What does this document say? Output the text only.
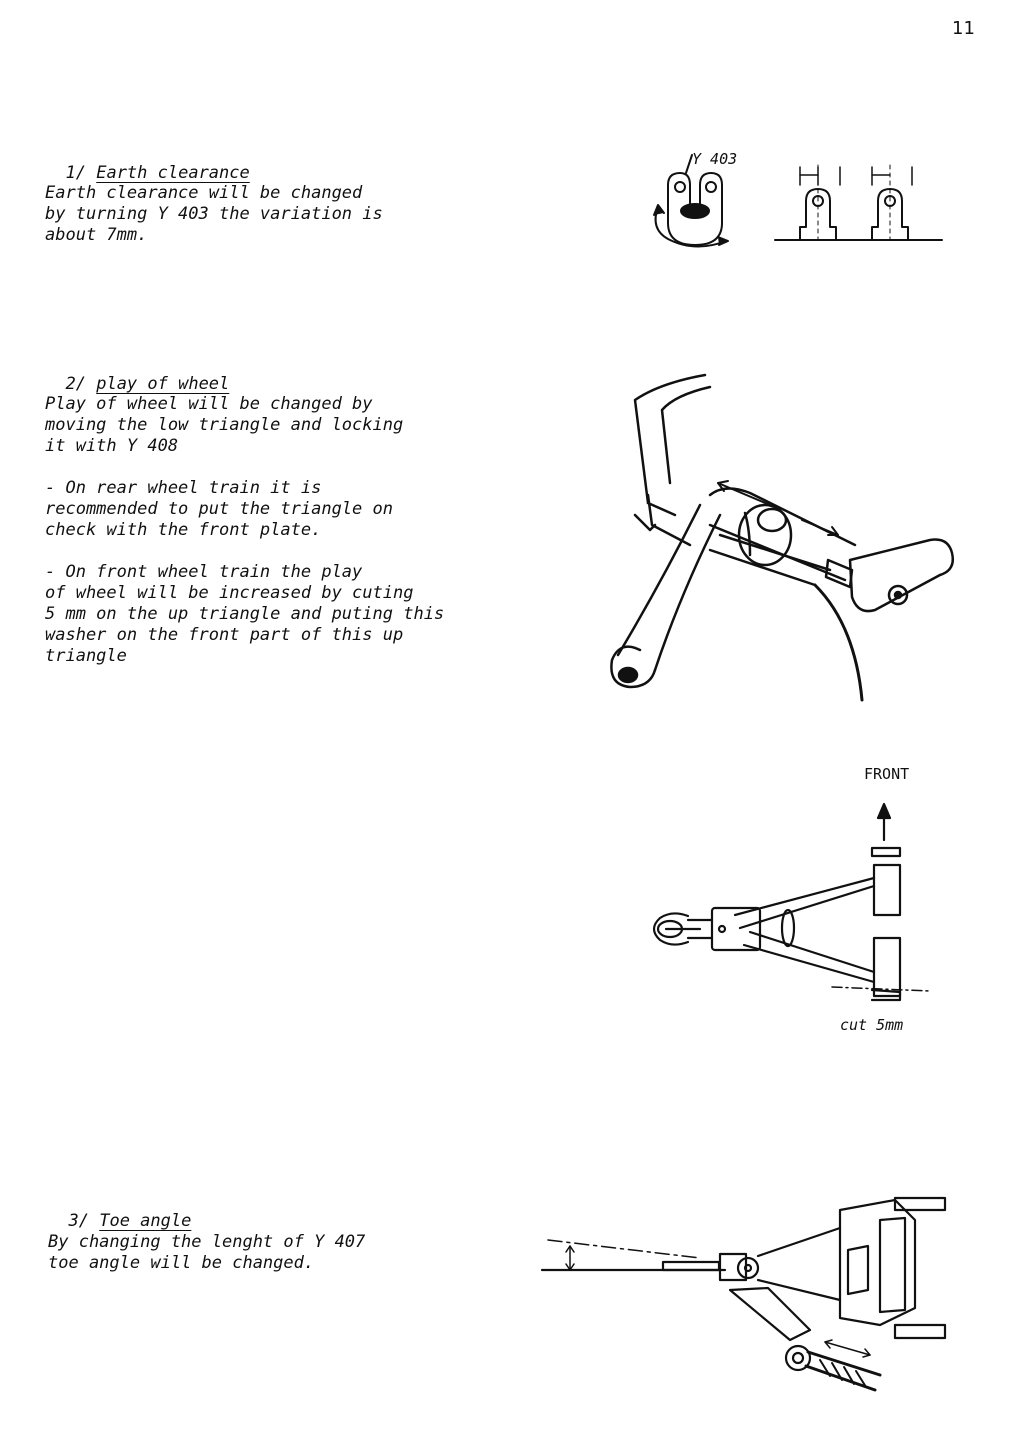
11

1/ Earth clearance

Earth clearance will be changed
by turning Y 403 the variation is
about 7mm.
Y 403

2/ play of wheel

Play of wheel will be changed by
moving the low triangle and locking
it with Y 408
- On rear wheel train it is
recommended to put the triangle on
check with the front plate.
- On front wheel train the play
of wheel will be increased by cuting
5 mm on the up triangle and puting this
washer on the front part of this up
triangle
FRONT
cut 5mm

3/ Toe angle

By changing the lenght of Y 407
toe angle will be changed.
